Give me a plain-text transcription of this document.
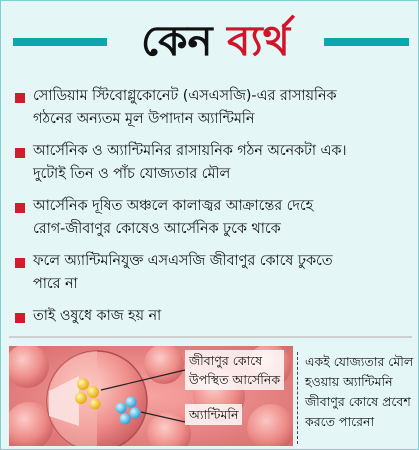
কেন ব্যর্থ
সোডিয়াম স্টিবোগ্লুকোনেট (এসএসজি)-এর রাসায়নিক
গঠনের অন্যতম মূল উপাদান অ্যান্টিমনি
আর্সেনিক ও অ্যান্টিমনির রাসায়নিক গঠন অনেকটা এক।
দুটোই তিন ও পাঁচ যোজ্যতার মৌল
আর্সেনিক দূষিত অঞ্চলে কালাজ্বর আক্রান্তের দেহে
রোগ-জীবাণুর কোষেও আর্সেনিক ঢুকে থাকে
ফলে অ্যান্টিমনিযুক্ত এসএসজি জীবাণুর কোষে ঢুকতে
পারে না
তাই ওষুধে কাজ হয় না
জীবাণুর কোষে
উপস্থিত আর্সেনিক
অ্যান্টিমনি
একই যোজ্যতার মৌল
হওয়ায় অ্যান্টিমনি
জীবাণুর কোষে প্রবেশ
করতে পারেনা
